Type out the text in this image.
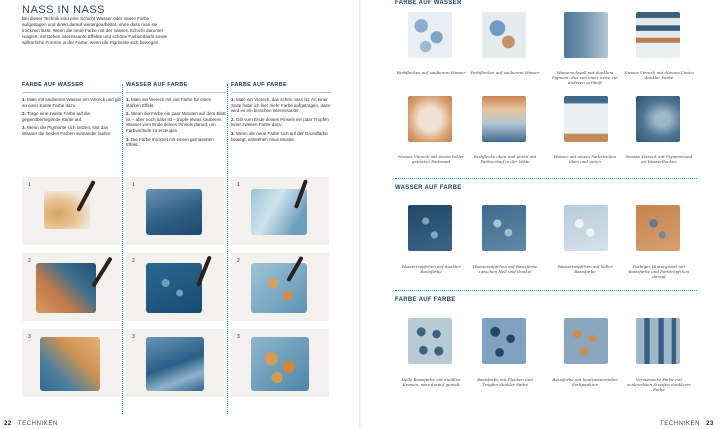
NASS IN NASS
Bei dieser Technik wird eine Schicht Wasser oder nasse Farbe aufgetragen und direkt darauf weitergearbeitet, ohne dass man sie trocknen lässt. Wenn die neue Farbe mit der nassen Schicht darunter reagiert, entstehen interessante Effekte und schöne Farbverläufe sowie willkürliche Formen in der Farbe, wenn die Pigmente sich bewegen.
FARBE AUF WASSER

1. Male mit sauberem Wasser ein Viereck und gib an einer Kante Farbe dazu.

2. Trage eine zweite Farbe auf die gegenüberliegende Kante auf.

3. Wenn die Pigmente sich setzen, löst das Wasser die beiden Farben ineinander laufen.

WASSER AUF FARBE

1. Male ein Viereck mit viel Farbe für einen starken Effekt.

2. Wenn die Farbe ein paar Minuten auf dem Blatt ist – aber noch nass ist – tropfe etwas sauberes Wasser vom Ende deines Pinsels darauf, um Farbverläufe zu erzeugen.

3. Die Farbe trocknet mit einem gemaserten Effekt.

FARBE AUF FARBE

1. Male ein Viereck, das schön nass ist. An einer Seite habe ich hier mehr Farbe aufgetragen, dann wird es ein bisschen interessanter.

2. Gib vom Ende deines Pinsels ein paar Tropfen einer zweiten Farbe dazu.

3. Wenn die neue Farbe sich auf der Grundfarbe bewegt, entstehen neue Muster.

1	1	1
2	2	2
3	3	3
22 TECHNIKEN
FARBE AUF WASSER
Farbflecken auf sauberem Wasser Farbflecken auf sauberem Wasser	Wasserschwall mit dunklem Pigment, das von einer Seite zur anderen verläuft
Nasses Viereck mit dünnen Linien dunkler Farbe
Nasses Viereck mit einem heller getönten Farbrand
Farbflecke oben und unten mit Farbverlauf in der Mitte
Wasser mit einem Farbstreifen oben und unten
Nasses Viereck mit Pigmentrand an Wasserflecken
WASSER AUF FARBE
Wassertröpfchen auf dunkler Basisfarbe
Wassertröpfchen auf Basisfarbe zwischen Hell und Dunkel
Wassertröpfchen auf heller Basisfarbe
Farbiger Hintergrund mit Basisfarbe und Farbtröpfchen darauf
FARBE AUF FARBE
Helle Basisfarbe mit dunklen Kreisen, nass darauf gemalt
Basisfarbe mit Flecken und Tropfen dunkler Farbe
Basisfarbe mit kontrastierenden Farbpunkten
Verwässerte Farbe mit senkrechten Streifen dunklerer Farbe
TECHNIKEN 23
